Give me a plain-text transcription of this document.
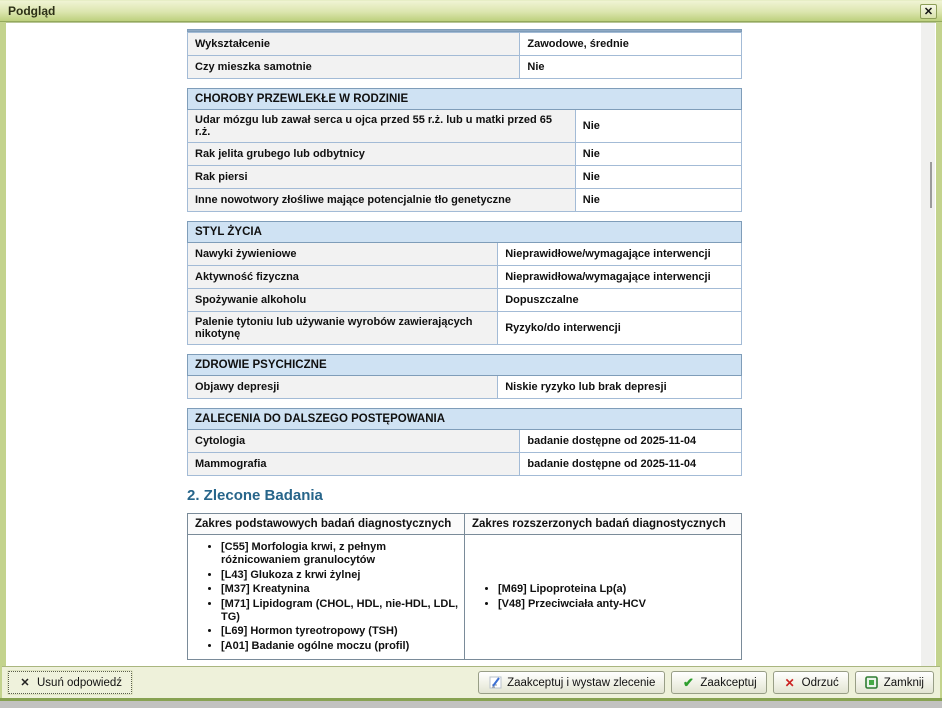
Podgląd	✕
Wykształcenie	Zawodowe, średnie
Czy mieszka samotnie	Nie
CHOROBY PRZEWLEKŁE W RODZINIE	
Udar mózgu lub zawał serca u ojca przed 55 r.ż. lub u matki przed 65 r.ż.	Nie
Rak jelita grubego lub odbytnicy	Nie
Rak piersi	Nie
Inne nowotwory złośliwe mające potencjalnie tło genetyczne	Nie
STYL ŻYCIA	
Nawyki żywieniowe	Nieprawidłowe/wymagające interwencji
Aktywność fizyczna	Nieprawidłowa/wymagające interwencji
Spożywanie alkoholu	Dopuszczalne
Palenie tytoniu lub używanie wyrobów zawierających nikotynę	Ryzyko/do interwencji
ZDROWIE PSYCHICZNE
Objawy depresji	Niskie ryzyko lub brak depresji
ZALECENIA DO DALSZEGO POSTĘPOWANIA	
Cytologia	badanie dostępne od 2025-11-04
Mammografia	badanie dostępne od 2025-11-04
2. Zlecone Badania
Zakres podstawowych badań diagnostycznych	Zakres rozszerzonych badań diagnostycznych

• [C55] Morfologia krwi, z pełnym różnicowaniem granulocytów
• [L43] Glukoza z krwi żylnej
• [M37] Kreatynina
• [M71] Lipidogram (CHOL, HDL, nie-HDL, LDL, TG)
• [L69] Hormon tyreotropowy (TSH)
• [A01] Badanie ogólne moczu (profil)

• [M69] Lipoproteina Lp(a)
• [V48] Przeciwciała anty-HCV
✕ Usuń odpowiedź	Zaakceptuj i wystaw zlecenie ✔ Zaakceptuj ✕ Odrzuć	Zamknij
